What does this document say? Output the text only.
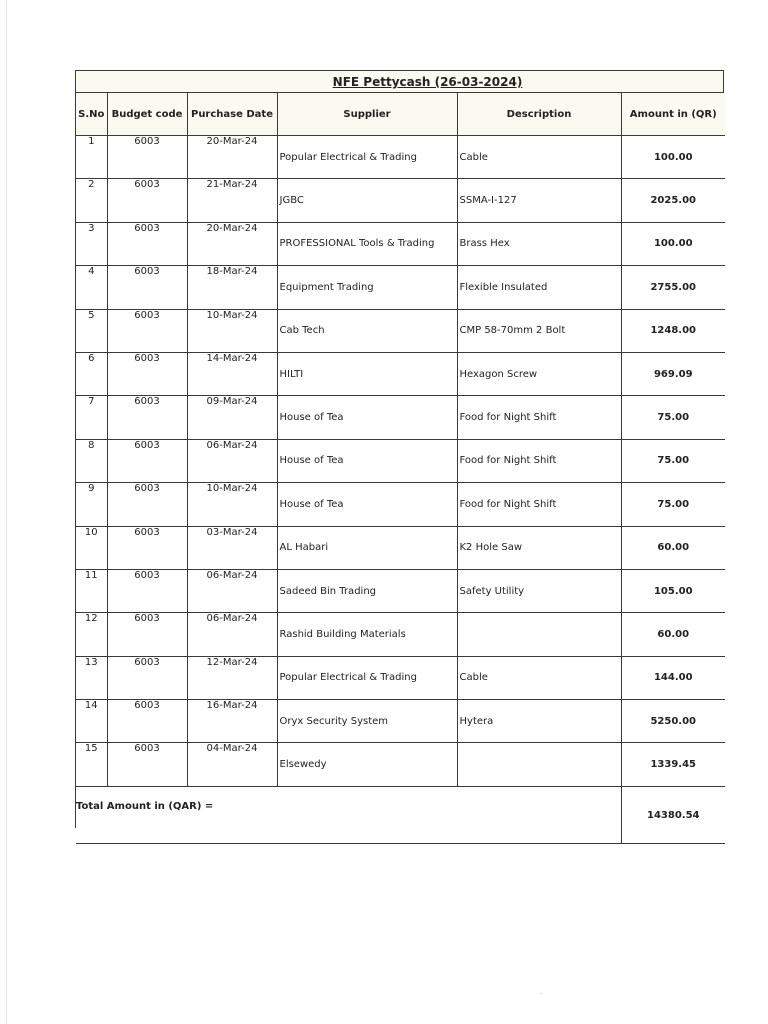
NFE Pettycash (26-03-2024)
S.No	Budget code	Purchase Date	Supplier	Description	Amount in (QR)
1	6003	20-Mar-24	Popular Electrical & Trading	Cable	100.00
2	6003	21-Mar-24	JGBC	SSMA-I-127	2025.00
3	6003	20-Mar-24	PROFESSIONAL Tools & Trading	Brass Hex	100.00
4	6003	18-Mar-24	Equipment Trading	Flexible Insulated	2755.00
5	6003	10-Mar-24	Cab Tech	CMP 58-70mm 2 Bolt	1248.00
6	6003	14-Mar-24	HILTI	Hexagon Screw	969.09
7	6003	09-Mar-24	House of Tea	Food for Night Shift	75.00
8	6003	06-Mar-24	House of Tea	Food for Night Shift	75.00
9	6003	10-Mar-24	House of Tea	Food for Night Shift	75.00
10	6003	03-Mar-24	AL Habari	K2 Hole Saw	60.00
11	6003	06-Mar-24	Sadeed Bin Trading	Safety Utility	105.00
12	6003	06-Mar-24	Rashid Building Materials		60.00
13	6003	12-Mar-24	Popular Electrical & Trading	Cable	144.00
14	6003	16-Mar-24	Oryx Security System	Hytera	5250.00
15	6003	04-Mar-24	Elsewedy		1339.45
Total Amount in (QAR) =					14380.54
